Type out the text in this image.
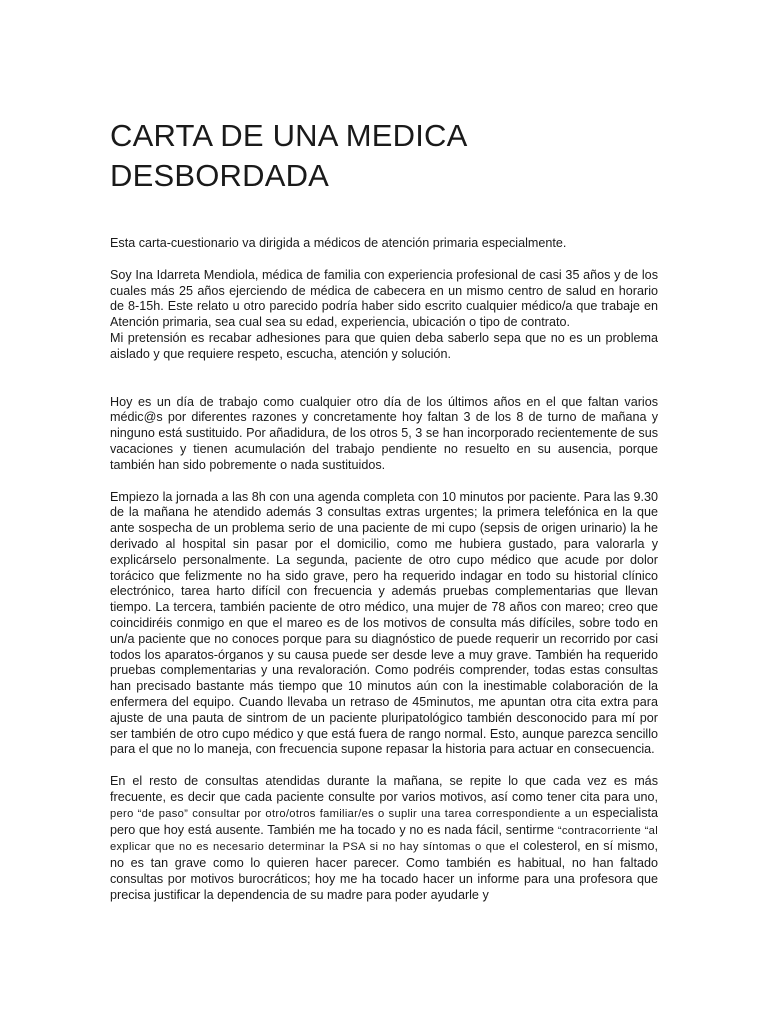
CARTA DE UNA MEDICA
DESBORDADA

Esta carta-cuestionario va dirigida a médicos de atención primaria especialmente.

Soy Ina Idarreta Mendiola, médica de familia con experiencia profesional de casi 35 años y de los cuales más 25 años ejerciendo de médica de cabecera en un mismo centro de salud en horario de 8-15h. Este relato u otro parecido podría haber sido escrito cualquier médico/a que trabaje en Atención primaria, sea cual sea su edad, experiencia, ubicación o tipo de contrato.

Mi pretensión es recabar adhesiones para que quien deba saberlo sepa que no es un problema aislado y que requiere respeto, escucha, atención y solución.

Hoy es un día de trabajo como cualquier otro día de los últimos años en el que faltan varios médic@s por diferentes razones y concretamente hoy faltan 3 de los 8 de turno de mañana y ninguno está sustituido. Por añadidura, de los otros 5, 3 se han incorporado recientemente de sus vacaciones y tienen acumulación del trabajo pendiente no resuelto en su ausencia, porque también han sido pobremente o nada sustituidos.

Empiezo la jornada a las 8h con una agenda completa con 10 minutos por paciente. Para las 9.30 de la mañana he atendido además 3 consultas extras urgentes; la primera telefónica en la que ante sospecha de un problema serio de una paciente de mi cupo (sepsis de origen urinario) la he derivado al hospital sin pasar por el domicilio, como me hubiera gustado, para valorarla y explicárselo personalmente. La segunda, paciente de otro cupo médico que acude por dolor torácico que felizmente no ha sido grave, pero ha requerido indagar en todo su historial clínico electrónico, tarea harto difícil con frecuencia y además pruebas complementarias que llevan tiempo. La tercera, también paciente de otro médico, una mujer de 78 años con mareo; creo que coincidiréis conmigo en que el mareo es de los motivos de consulta más difíciles, sobre todo en un/a paciente que no conoces porque para su diagnóstico de puede requerir un recorrido por casi todos los aparatos-órganos y su causa puede ser desde leve a muy grave. También ha requerido pruebas complementarias y una revaloración. Como podréis comprender, todas estas consultas han precisado bastante más tiempo que 10 minutos aún con la inestimable colaboración de la enfermera del equipo. Cuando llevaba un retraso de 45minutos, me apuntan otra cita extra para ajuste de una pauta de sintrom de un paciente pluripatológico también desconocido para mí por ser también de otro cupo médico y que está fuera de rango normal. Esto, aunque parezca sencillo para el que no lo maneja, con frecuencia supone repasar la historia para actuar en consecuencia.

En el resto de consultas atendidas durante la mañana, se repite lo que cada vez es más frecuente, es decir que cada paciente consulte por varios motivos, así como tener cita para uno, pero “de paso” consultar por otro/otros familiar/es o suplir una tarea correspondiente a un especialista pero que hoy está ausente. También me ha tocado y no es nada fácil, sentirme “contracorriente “al explicar que no es necesario determinar la PSA si no hay síntomas o que el colesterol, en sí mismo, no es tan grave como lo quieren hacer parecer. Como también es habitual, no han faltado consultas por motivos burocráticos; hoy me ha tocado hacer un informe para una profesora que precisa justificar la dependencia de su madre para poder ayudarle y
